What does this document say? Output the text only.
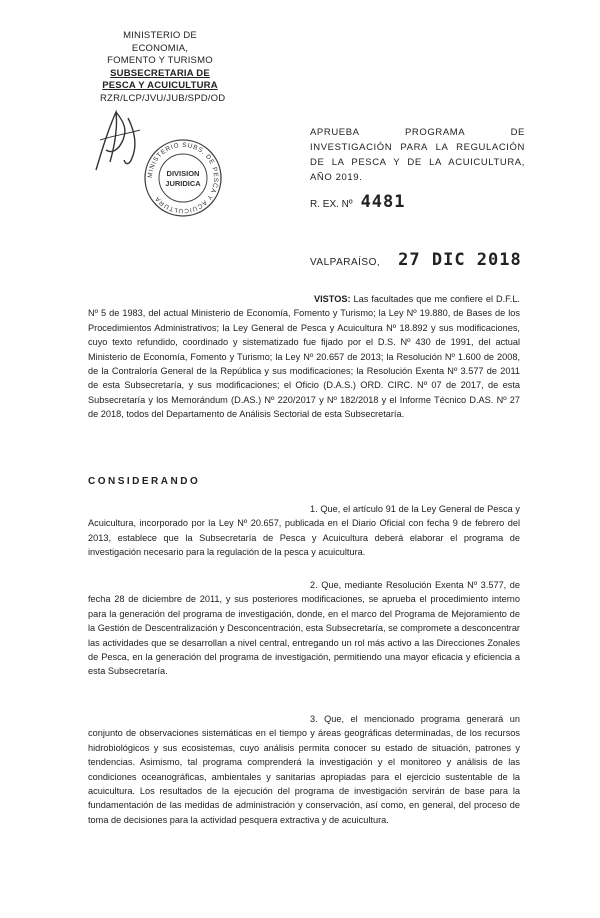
MINISTERIO DE
ECONOMIA,
FOMENTO Y TURISMO
SUBSECRETARIA DE
PESCA Y ACUICULTURA
RZR/LCP/JVU/JUB/SPD/OD
MINISTERIO SUBS. DE PESCA Y ACUICULTURA
DIVISION
JURIDICA
APRUEBA PROGRAMA DE INVESTIGACIÓN PARA LA REGULACIÓN DE LA PESCA Y DE LA ACUICULTURA, AÑO 2019.
R. EX. Nº 4481
VALPARAÍSO, 27 DIC 2018
VISTOS: Las facultades que me confiere el D.F.L. Nº 5 de 1983, del actual Ministerio de Economía, Fomento y Turismo; la Ley Nº 19.880, de Bases de los Procedimientos Administrativos; la Ley General de Pesca y Acuicultura Nº 18.892 y sus modificaciones, cuyo texto refundido, coordinado y sistematizado fue fijado por el D.S. Nº 430 de 1991, del actual Ministerio de Economía, Fomento y Turismo; la Ley Nº 20.657 de 2013; la Resolución Nº 1.600 de 2008, de la Contraloría General de la República y sus modificaciones; la Resolución Exenta Nº 3.577 de 2011 de esta Subsecretaría, y sus modificaciones; el Oficio (D.A.S.) ORD. CIRC. Nº 07 de 2017, de esta Subsecretaría y los Memorándum (D.AS.) Nº 220/2017 y Nº 182/2018 y el Informe Técnico D.AS. Nº 27 de 2018, todos del Departamento de Análisis Sectorial de esta Subsecretaría.
CONSIDERANDO
1. Que, el artículo 91 de la Ley General de Pesca y Acuicultura, incorporado por la Ley Nº 20.657, publicada en el Diario Oficial con fecha 9 de febrero del 2013, establece que la Subsecretaría de Pesca y Acuicultura deberá elaborar el programa de investigación necesario para la regulación de la pesca y acuicultura.
2. Que, mediante Resolución Exenta Nº 3.577, de fecha 28 de diciembre de 2011, y sus posteriores modificaciones, se aprueba el procedimiento interno para la generación del programa de investigación, donde, en el marco del Programa de Mejoramiento de la Gestión de Descentralización y Desconcentración, esta Subsecretaría, se compromete a desconcentrar las actividades que se desarrollan a nivel central, entregando un rol más activo a las Direcciones Zonales de Pesca, en la generación del programa de investigación, permitiendo una mayor eficacia y eficiencia a esta Subsecretaría.
3. Que, el mencionado programa generará un conjunto de observaciones sistemáticas en el tiempo y áreas geográficas determinadas, de los recursos hidrobiológicos y sus ecosistemas, cuyo análisis permita conocer su estado de situación, patrones y tendencias. Asimismo, tal programa comprenderá la investigación y el monitoreo y análisis de las condiciones oceanográficas, ambientales y sanitarias apropiadas para el ejercicio sustentable de la acuicultura. Los resultados de la ejecución del programa de investigación servirán de base para la fundamentación de las medidas de administración y conservación, así como, en general, del proceso de toma de decisiones para la actividad pesquera extractiva y de acuicultura.
